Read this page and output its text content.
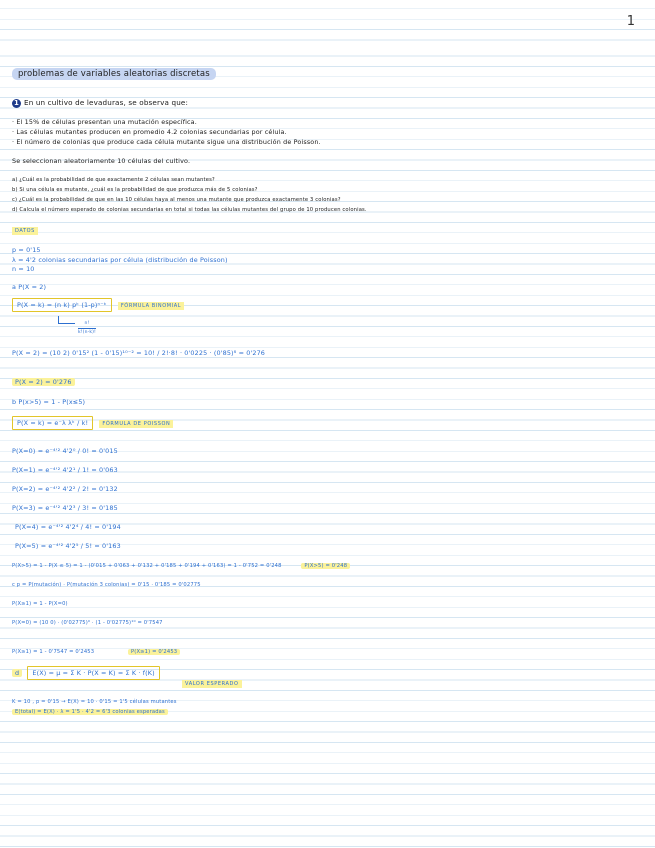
1
problemas de variables aleatorias discretas
1 En un cultivo de levaduras, se observa que:
· El 15% de células presentan una mutación específica.
· Las células mutantes producen en promedio 4.2 colonias secundarias por célula.
· El número de colonias que produce cada célula mutante sigue una distribución de Poisson.
Se seleccionan aleatoriamente 10 células del cultivo.
a) ¿Cuál es la probabilidad de que exactamente 2 células sean mutantes?
b) Si una célula es mutante, ¿cuál es la probabilidad de que produzca más de 5 colonias?
c) ¿Cuál es la probabilidad de que en las 10 células haya al menos una mutante que produzca exactamente 3 colonias?
d) Calcula el número esperado de colonias secundarias en total si todas las células mutantes del grupo de 10 producen colonias.
DATOS
p = 0'15
λ = 4'2 colonias secundarias por célula (distribución de Poisson)
n = 10
a P(X = 2)
P(X = k) = (n k) pᵏ (1-p)ⁿ⁻ᵏ	FÓRMULA BINOMIAL
$\frac{n!}{k!(n-k)!}$
P(X = 2) = (10 2) 0'15² (1 - 0'15)¹⁰⁻² = 10! / 2!·8! · 0'0225 · (0'85)⁸ = 0'276
P(X = 2) = 0'276
b P(x>5) = 1 - P(x≤5)
P(X = k) = e⁻λ λᵏ / k!	FÓRMULA DE POISSON
P(X=0) = e⁻⁴'² 4'2⁰ / 0! = 0'015
P(X=1) = e⁻⁴'² 4'2¹ / 1! = 0'063
P(X=2) = e⁻⁴'² 4'2² / 2! = 0'132
P(X=3) = e⁻⁴'² 4'2³ / 3! = 0'185
P(X=4) = e⁻⁴'² 4'2⁴ / 4! = 0'194
P(X=5) = e⁻⁴'² 4'2⁵ / 5! = 0'163
P(X>5) = 1 - P(X ≤ 5) = 1 - (0'015 + 0'063 + 0'132 + 0'185 + 0'194 + 0'163) = 1 - 0'752 = 0'248	P(X>5) = 0'248
c p = P(mutación) · P(mutación 3 colonias) = 0'15 · 0'185 = 0'02775
P(X≥1) = 1 - P(X=0)
P(X=0) = (10 0) · (0'02775)⁰ · (1 - 0'02775)¹⁰ = 0'7547
P(X≥1) = 1 - 0'7547 = 0'2453	P(X≥1) = 0'2453
d E(X) = μ = Σ K · P(X = K) = Σ K · f(K)
VALOR ESPERADO
K = 10 , p = 0'15 → E(X) = 10 · 0'15 = 1'5 células mutantes
E(total) = E(X) · λ = 1'5 · 4'2 = 6'3 colonias esperadas
